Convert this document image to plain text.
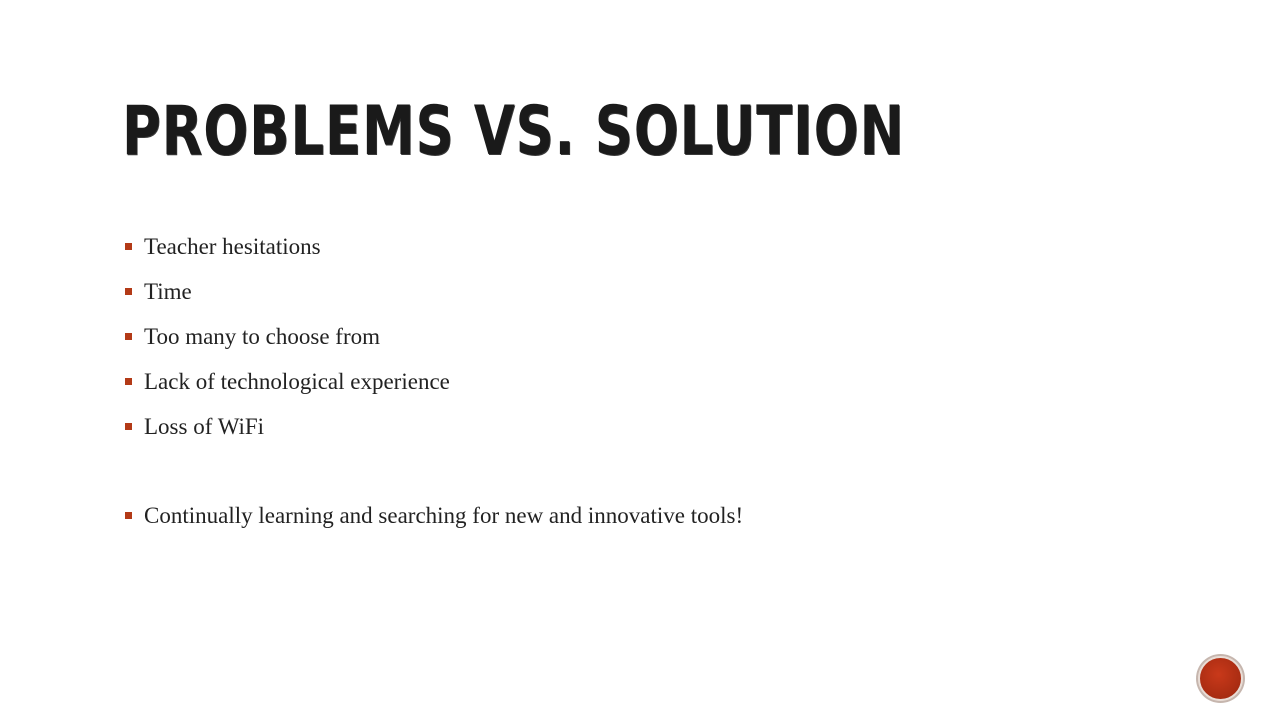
PROBLEMS VS. SOLUTION
Teacher hesitations
Time
Too many to choose from
Lack of technological experience
Loss of WiFi
Continually learning and searching for new and innovative tools!
